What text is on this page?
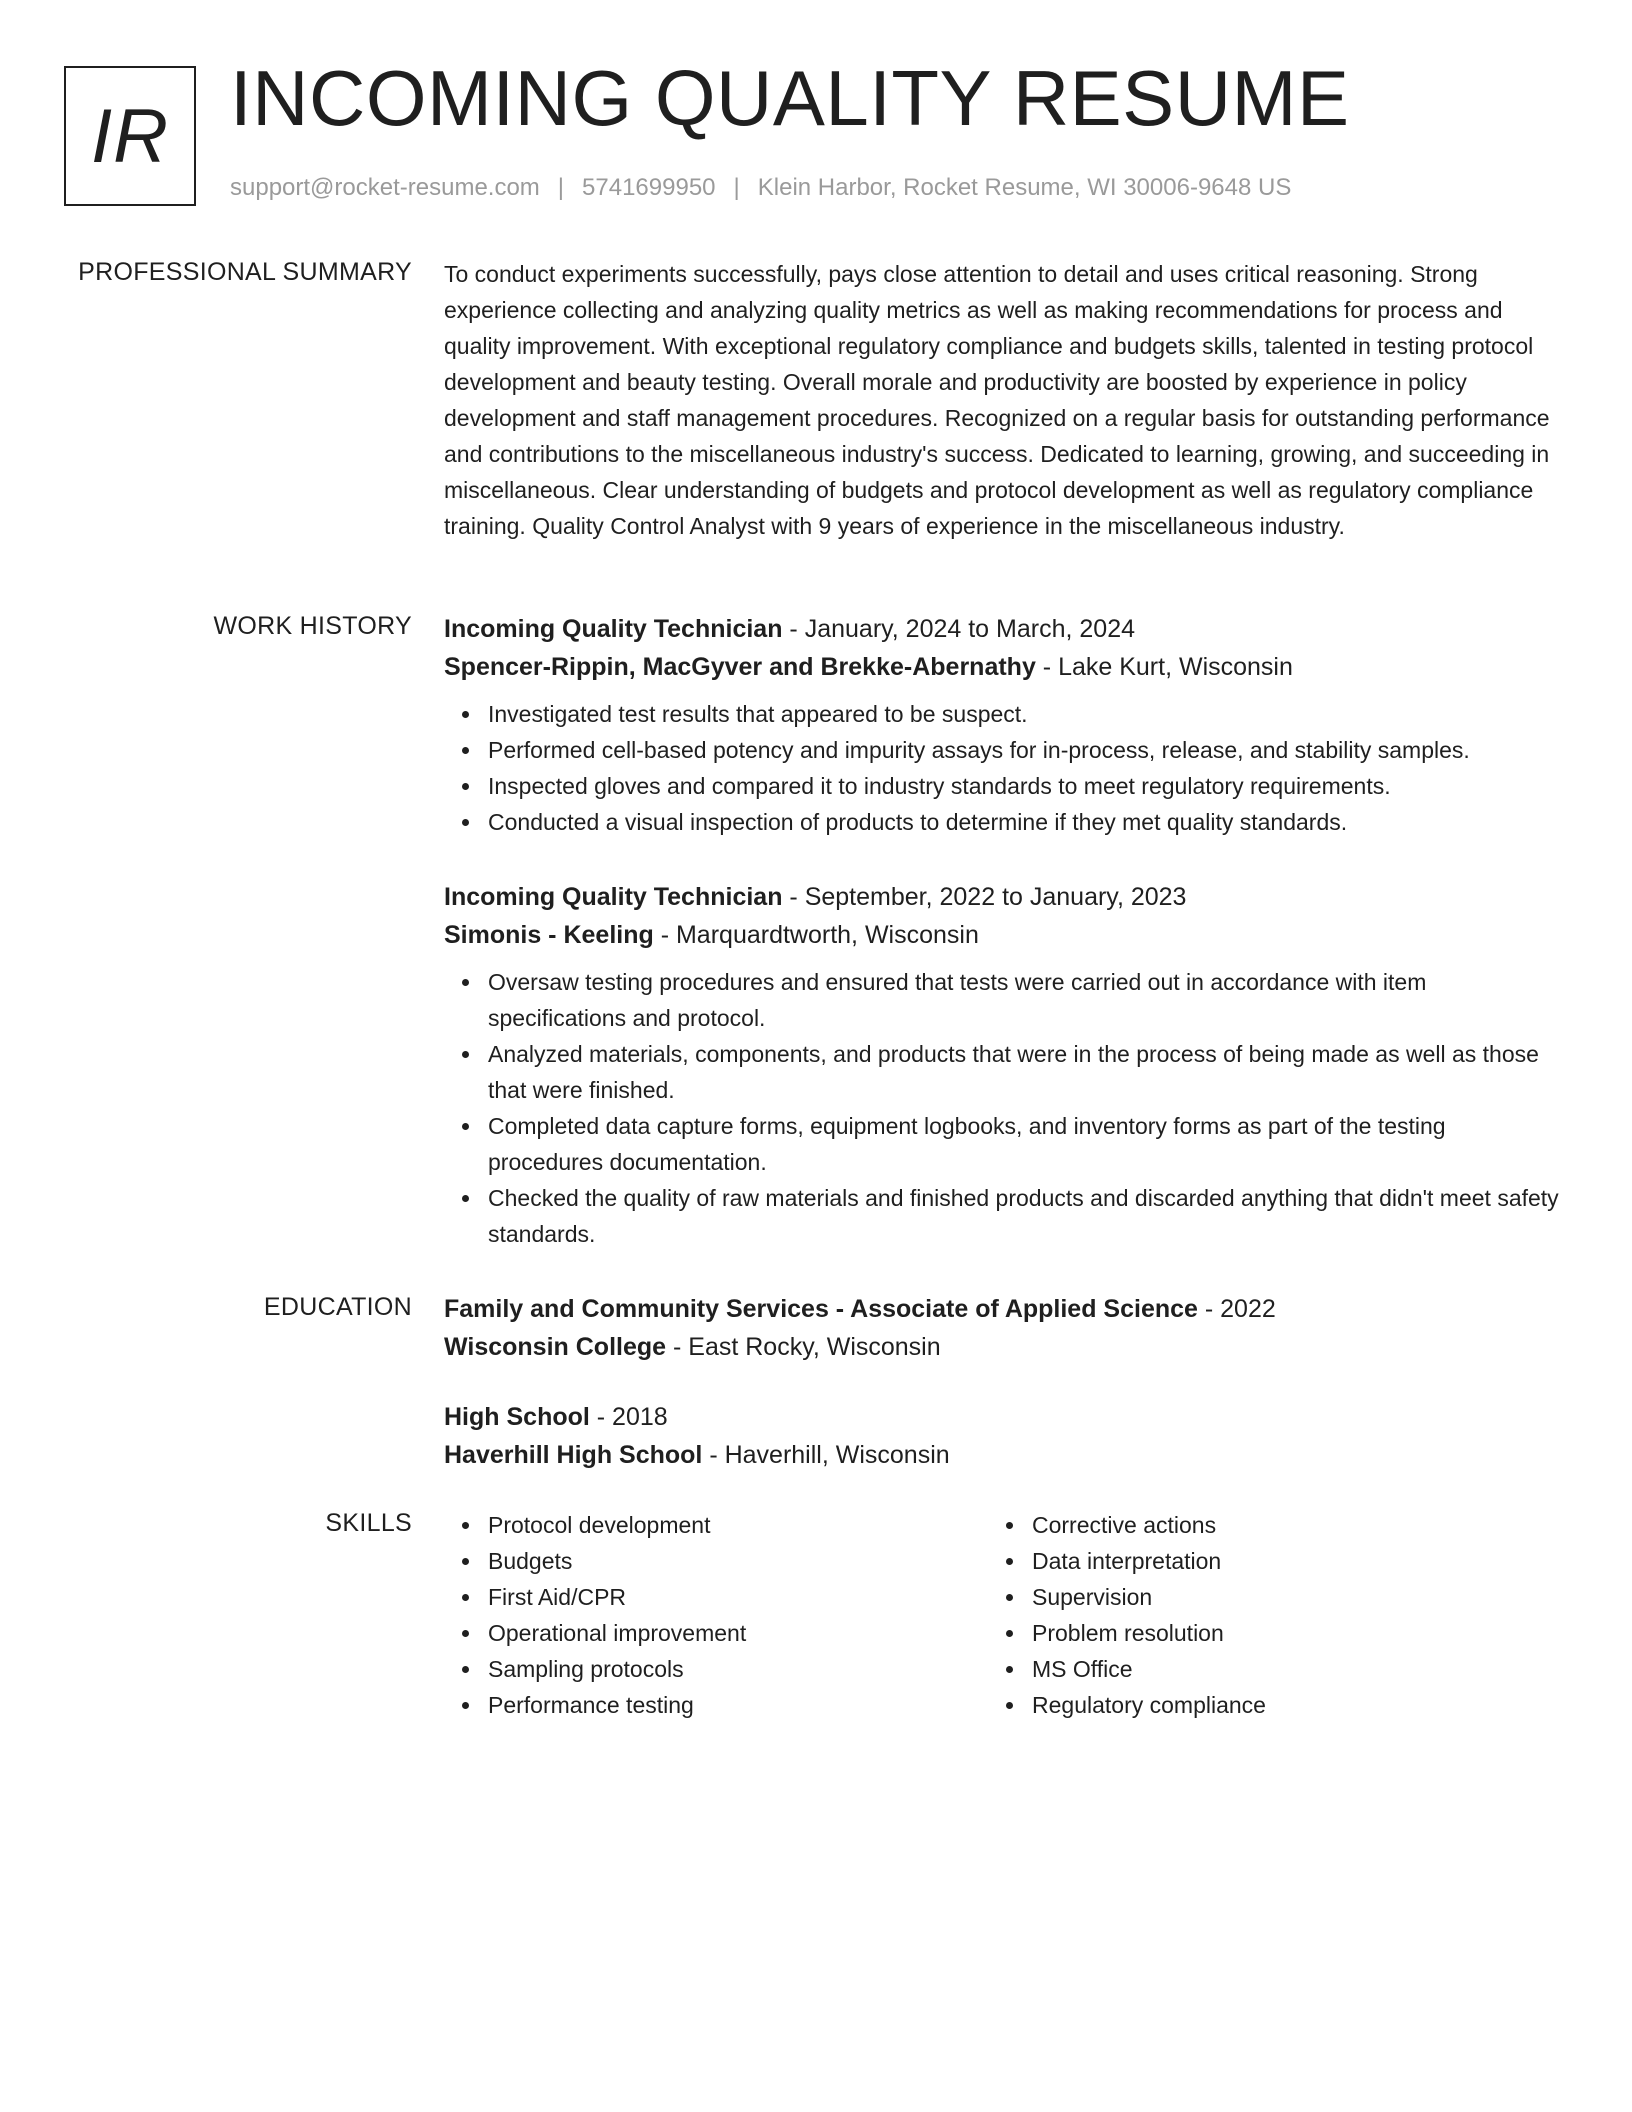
IR INCOMING QUALITY RESUME
support@rocket-resume.com | 5741699950 | Klein Harbor, Rocket Resume, WI 30006-9648 US
PROFESSIONAL SUMMARY To conduct experiments successfully, pays close attention to detail and uses critical reasoning. Strong experience collecting and analyzing quality metrics as well as making recommendations for process and quality improvement. With exceptional regulatory compliance and budgets skills, talented in testing protocol development and beauty testing. Overall morale and productivity are boosted by experience in policy development and staff management procedures. Recognized on a regular basis for outstanding performance and contributions to the miscellaneous industry's success. Dedicated to learning, growing, and succeeding in miscellaneous. Clear understanding of budgets and protocol development as well as regulatory compliance training. Quality Control Analyst with 9 years of experience in the miscellaneous industry.

WORK HISTORY Incoming Quality Technician - January, 2024 to March, 2024
Spencer-Rippin, MacGyver and Brekke-Abernathy - Lake Kurt, Wisconsin
Investigated test results that appeared to be suspect.
Performed cell-based potency and impurity assays for in-process, release, and stability samples.
Inspected gloves and compared it to industry standards to meet regulatory requirements.
Conducted a visual inspection of products to determine if they met quality standards.
Incoming Quality Technician - September, 2022 to January, 2023
Simonis - Keeling - Marquardtworth, Wisconsin
Oversaw testing procedures and ensured that tests were carried out in accordance with item specifications and protocol.
Analyzed materials, components, and products that were in the process of being made as well as those that were finished.
Completed data capture forms, equipment logbooks, and inventory forms as part of the testing procedures documentation.
Checked the quality of raw materials and finished products and discarded anything that didn't meet safety standards.
EDUCATION Family and Community Services - Associate of Applied Science - 2022
Wisconsin College - East Rocky, Wisconsin
High School - 2018
Haverhill High School - Haverhill, Wisconsin
SKILLS	Protocol development
Budgets
First Aid/CPR
Operational improvement
Sampling protocols
Performance testing
Corrective actions
Data interpretation
Supervision
Problem resolution
MS Office
Regulatory compliance
